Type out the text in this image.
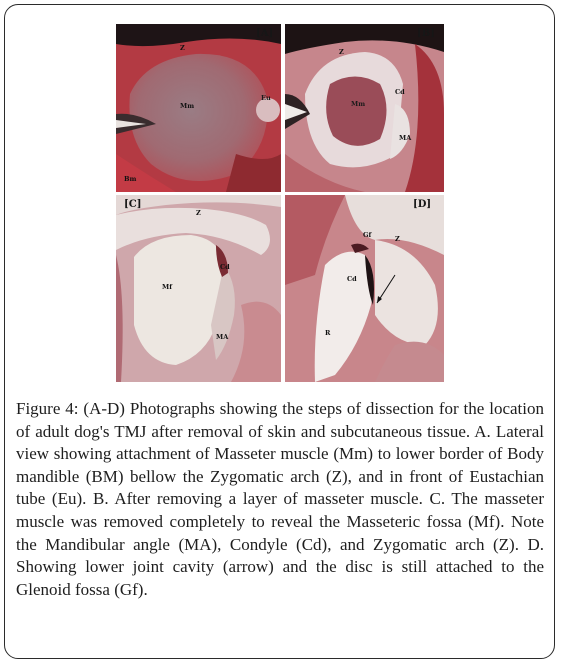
[A]
Z
Mm
Eu
Bm
[B]
Z
Mm
Cd
MA
[C]
Z
Mf
Cd
MA
[D]
Z
Gf
Cd
R

Figure 4: (A-D) Photographs showing the steps of dissection for the location of adult dog's TMJ after removal of skin and subcutaneous tissue. A. Lateral view showing attachment of Masseter muscle (Mm) to lower border of Body mandible (BM) bellow the Zygomatic arch (Z), and in front of Eustachian tube (Eu). B. After removing a layer of masseter muscle. C. The masseter muscle was removed completely to reveal the Masseteric fossa (Mf). Note the Mandibular angle (MA), Condyle (Cd), and Zygomatic arch (Z). D. Showing lower joint cavity (arrow) and the disc is still attached to the Glenoid fossa (Gf).
